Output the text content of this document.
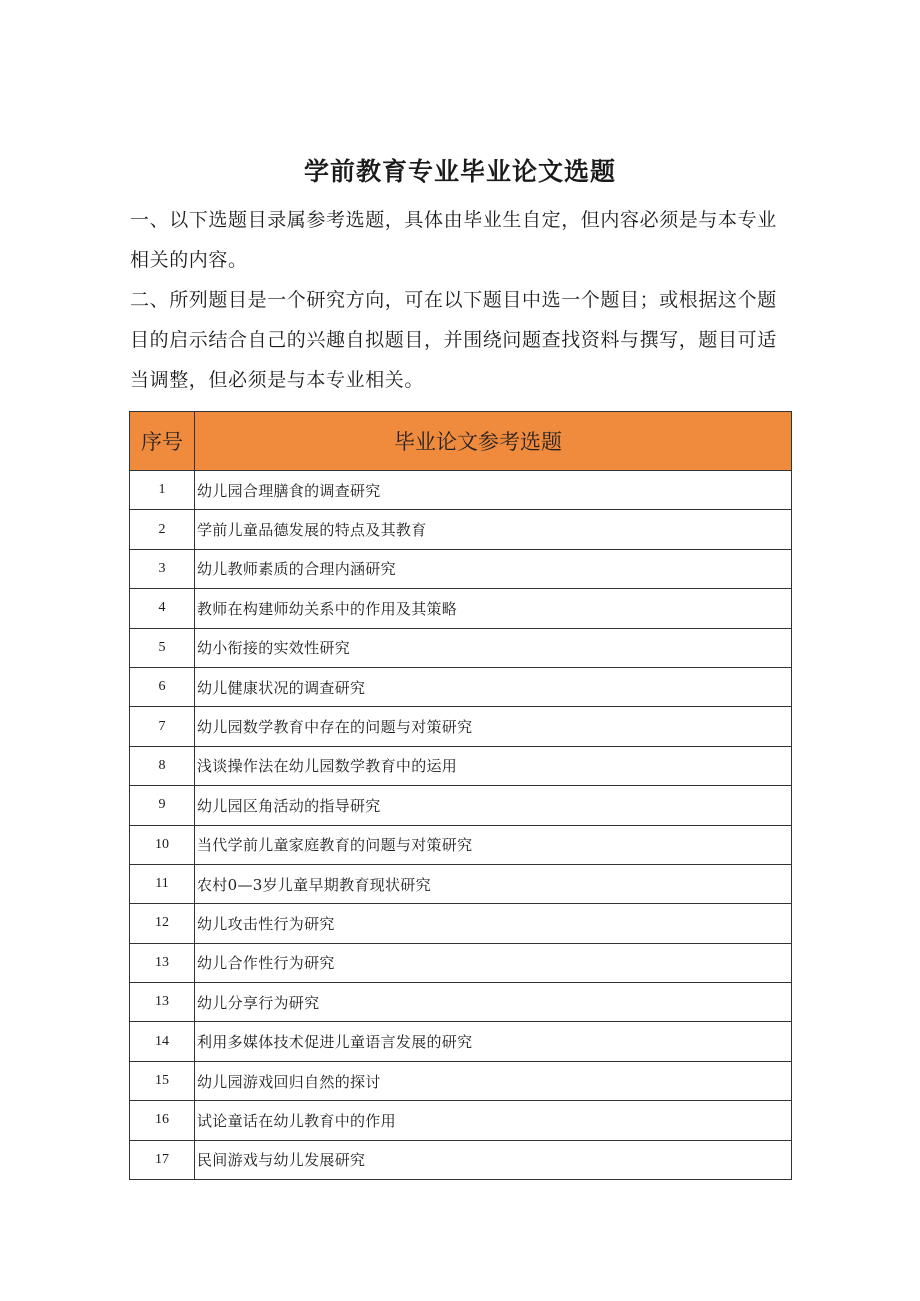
学前教育专业毕业论文选题

一、以下选题目录属参考选题，具体由毕业生自定，但内容必须是与本专业相关的内容。

二、所列题目是一个研究方向，可在以下题目中选一个题目；或根据这个题目的启示结合自己的兴趣自拟题目，并围绕问题查找资料与撰写，题目可适当调整，但必须是与本专业相关。

序号	毕业论文参考选题
1	幼儿园合理膳食的调查研究
2	学前儿童品德发展的特点及其教育
3	幼儿教师素质的合理内涵研究
4	教师在构建师幼关系中的作用及其策略
5	幼小衔接的实效性研究
6	幼儿健康状况的调查研究
7	幼儿园数学教育中存在的问题与对策研究
8	浅谈操作法在幼儿园数学教育中的运用
9	幼儿园区角活动的指导研究
10	当代学前儿童家庭教育的问题与对策研究
11	农村0—3岁儿童早期教育现状研究
12	幼儿攻击性行为研究
13	幼儿合作性行为研究
13	幼儿分享行为研究
14	利用多媒体技术促进儿童语言发展的研究
15	幼儿园游戏回归自然的探讨
16	试论童话在幼儿教育中的作用
17	民间游戏与幼儿发展研究
